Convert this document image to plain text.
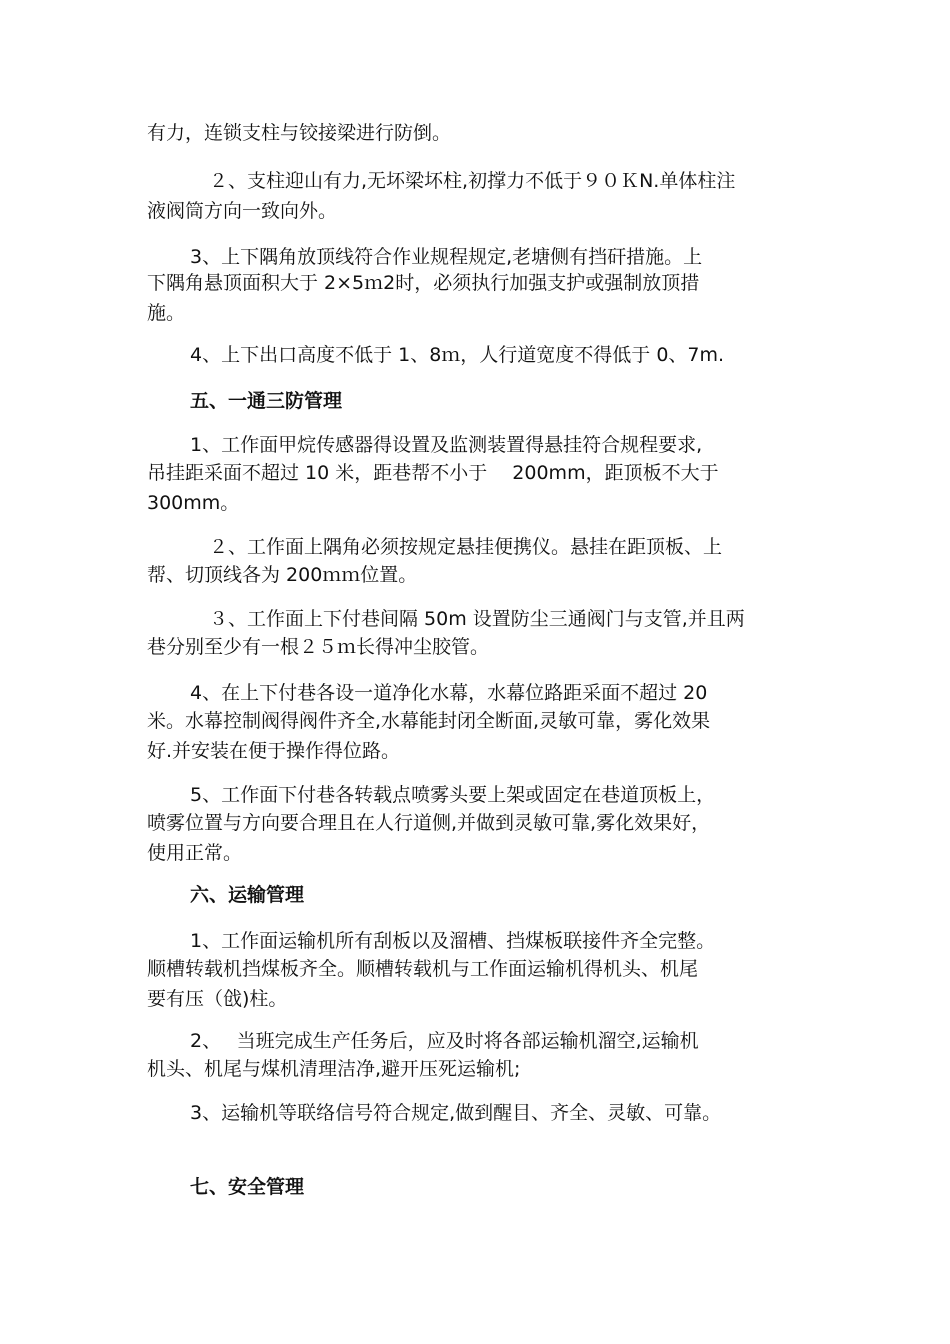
有力，连锁支柱与铰接梁进行防倒。
　２、支柱迎山有力,无坏梁坏柱,初撑力不低于９０ＫN.单体柱注
液阀筒方向一致向外。
3、上下隅角放顶线符合作业规程规定,老塘侧有挡矸措施。上
下隅角悬顶面积大于 2×5ｍ2时，必须执行加强支护或强制放顶措
施。
4、上下出口高度不低于 1、8ｍ，人行道宽度不得低于 0、7m.
五、一通三防管理
1、工作面甲烷传感器得设置及监测装置得悬挂符合规程要求,
吊挂距采面不超过 10 米，距巷帮不小于　 200mm，距顶板不大于
300mm。
　２、工作面上隅角必须按规定悬挂便携仪。悬挂在距顶板、上
帮、切顶线各为 200ｍｍ位置。
　３、工作面上下付巷间隔 50m 设置防尘三通阀门与支管,并且两
巷分别至少有一根２５ｍ长得冲尘胶管。
4、在上下付巷各设一道净化水幕，水幕位路距采面不超过 20
米。水幕控制阀得阀件齐全,水幕能封闭全断面,灵敏可靠，雾化效果
好.并安装在便于操作得位路。
5、工作面下付巷各转载点喷雾头要上架或固定在巷道顶板上，
喷雾位置与方向要合理且在人行道侧,并做到灵敏可靠,雾化效果好，
使用正常。
六、运输管理
1、工作面运输机所有刮板以及溜槽、挡煤板联接件齐全完整。
顺槽转载机挡煤板齐全。顺槽转载机与工作面运输机得机头、机尾
要有压（戗)柱。
2、　 当班完成生产任务后，应及时将各部运输机溜空,运输机
机头、机尾与煤机清理洁净,避开压死运输机;
3、运输机等联络信号符合规定,做到醒目、齐全、灵敏、可靠。
七、安全管理
